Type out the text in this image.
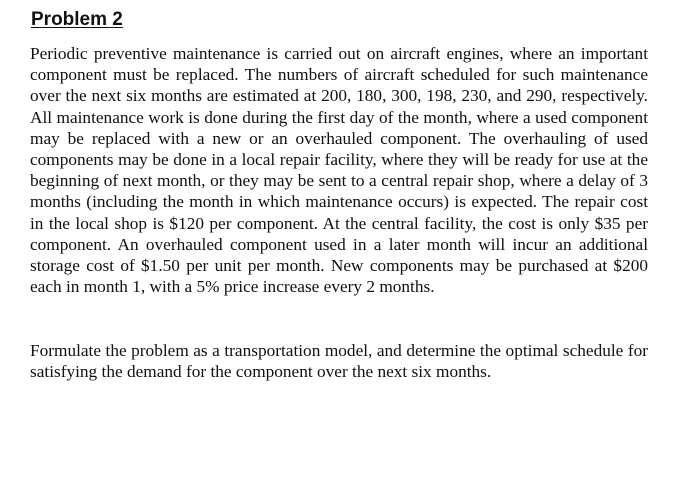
Problem 2

Periodic preventive maintenance is carried out on aircraft engines, where an important component must be replaced. The numbers of aircraft scheduled for such maintenance over the next six months are estimated at 200, 180, 300, 198, 230, and 290, respectively. All maintenance work is done during the first day of the month, where a used component may be replaced with a new or an overhauled component. The overhauling of used components may be done in a local repair facility, where they will be ready for use at the beginning of next month, or they may be sent to a central repair shop, where a delay of 3 months (including the month in which maintenance occurs) is expected. The repair cost in the local shop is $120 per component. At the central facility, the cost is only $35 per component. An overhauled component used in a later month will incur an additional storage cost of $1.50 per unit per month. New components may be purchased at $200 each in month 1, with a 5% price increase every 2 months.

Formulate the problem as a transportation model, and determine the optimal schedule for satisfying the demand for the component over the next six months.
